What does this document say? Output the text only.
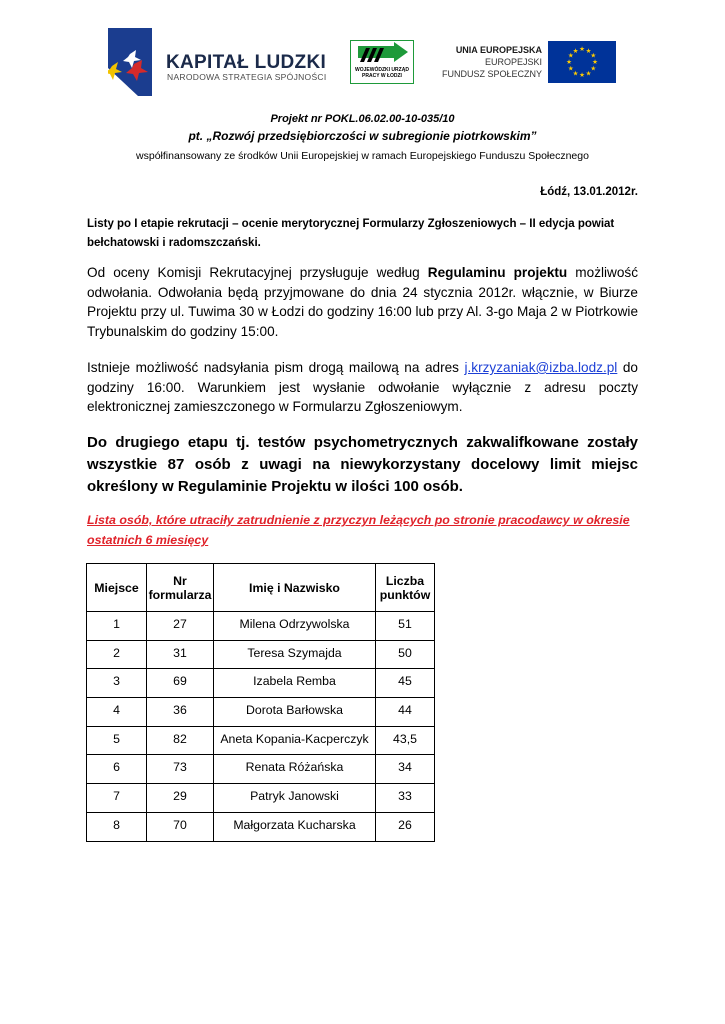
KAPITAŁ LUDZKI
NARODOWA STRATEGIA SPÓJNOŚCI
WOJEWÓDZKI URZĄD PRACY W ŁODZI
UNIA EUROPEJSKA
EUROPEJSKI
FUNDUSZ SPOŁECZNY
★
★
★
★
★
★
★
★
★ ★ ★
★
Projekt nr POKL.06.02.00-10-035/10
pt. „Rozwój przedsiębiorczości w subregionie piotrkowskim”
współfinansowany ze środków Unii Europejskiej w ramach Europejskiego Funduszu Społecznego
Łódź, 13.01.2012r.
Listy po I etapie rekrutacji – ocenie merytorycznej Formularzy Zgłoszeniowych – II edycja powiat bełchatowski i radomszczański.
Od oceny Komisji Rekrutacyjnej przysługuje według Regulaminu projektu możliwość odwołania. Odwołania będą przyjmowane do dnia 24 stycznia 2012r. włącznie, w Biurze Projektu przy ul. Tuwima 30 w Łodzi do godziny 16:00 lub przy Al. 3-go Maja 2 w Piotrkowie Trybunalskim do godziny 15:00.
Istnieje możliwość nadsyłania pism drogą mailową na adres j.krzyzaniak@izba.lodz.pl do godziny 16:00. Warunkiem jest wysłanie odwołanie wyłącznie z adresu poczty elektronicznej zamieszczonego w Formularzu Zgłoszeniowym.
Do drugiego etapu tj. testów psychometrycznych zakwalifkowane zostały wszystkie 87 osób z uwagi na niewykorzystany docelowy limit miejsc określony w Regulaminie Projektu w ilości 100 osób.
Lista osób, które utraciły zatrudnienie z przyczyn leżących po stronie pracodawcy w okresie ostatnich 6 miesięcy
Miejsce	Nr formularza	Imię i Nazwisko	Liczba punktów
1	27	Milena Odrzywolska	51
2	31	Teresa Szymajda	50
3	69	Izabela Remba	45
4	36	Dorota Barłowska	44
5	82	Aneta Kopania-Kacperczyk	43,5
6	73	Renata Różańska	34
7	29	Patryk Janowski	33
8	70	Małgorzata Kucharska	26
